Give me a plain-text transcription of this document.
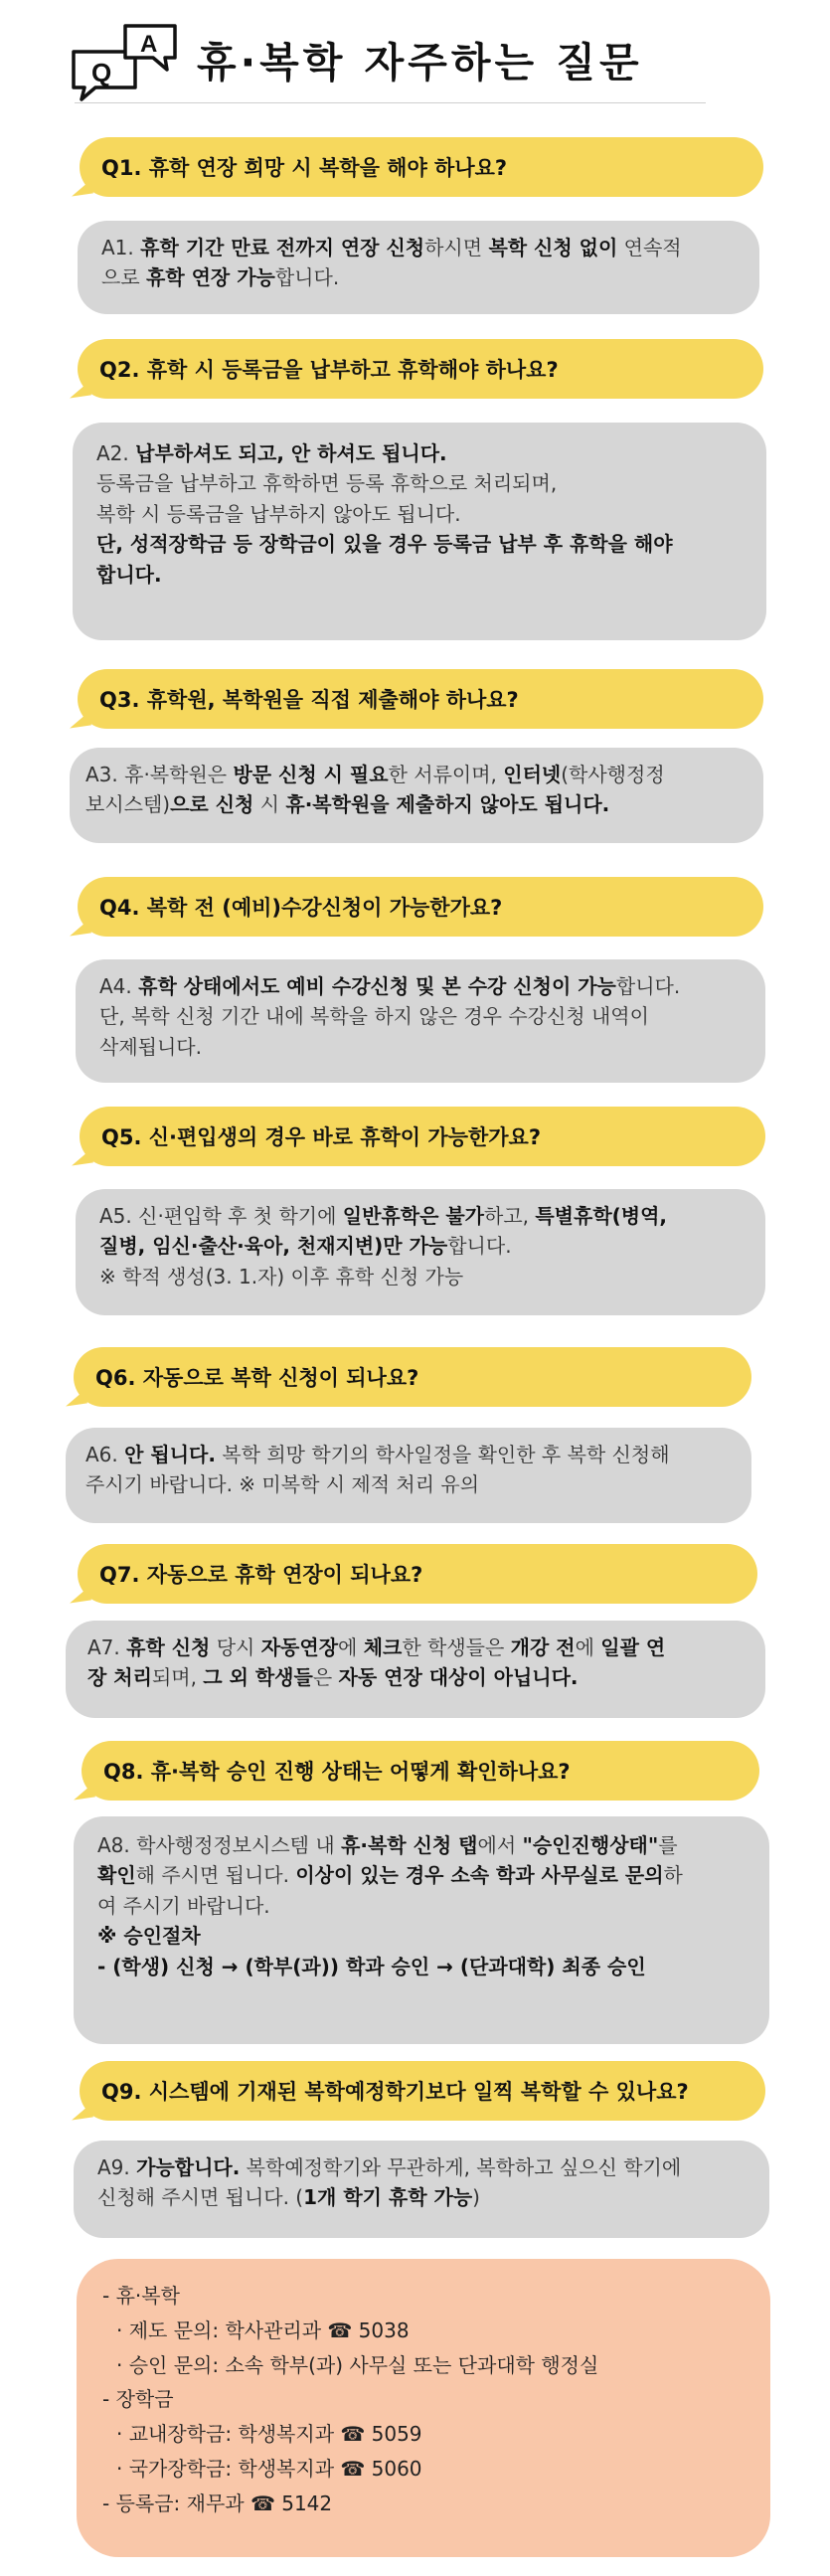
Q
A 휴·복학 자주하는 질문
Q1. 휴학 연장 희망 시 복학을 해야 하나요?
A1. 휴학 기간 만료 전까지 연장 신청하시면 복학 신청 없이 연속적
으로 휴학 연장 가능합니다.
Q2. 휴학 시 등록금을 납부하고 휴학해야 하나요?
A2. 납부하셔도 되고, 안 하셔도 됩니다.
등록금을 납부하고 휴학하면 등록 휴학으로 처리되며,
복학 시 등록금을 납부하지 않아도 됩니다.
단, 성적장학금 등 장학금이 있을 경우 등록금 납부 후 휴학을 해야
합니다.
Q3. 휴학원, 복학원을 직접 제출해야 하나요?
A3. 휴·복학원은 방문 신청 시 필요한 서류이며, 인터넷(학사행정정
보시스템)으로 신청 시 휴·복학원을 제출하지 않아도 됩니다.
Q4. 복학 전 (예비)수강신청이 가능한가요?
A4. 휴학 상태에서도 예비 수강신청 및 본 수강 신청이 가능합니다.
단, 복학 신청 기간 내에 복학을 하지 않은 경우 수강신청 내역이
삭제됩니다.
Q5. 신·편입생의 경우 바로 휴학이 가능한가요?
A5. 신·편입학 후 첫 학기에 일반휴학은 불가하고, 특별휴학(병역,
질병, 임신·출산·육아, 천재지변)만 가능합니다.
※ 학적 생성(3. 1.자) 이후 휴학 신청 가능
Q6. 자동으로 복학 신청이 되나요?
A6. 안 됩니다. 복학 희망 학기의 학사일정을 확인한 후 복학 신청해
주시기 바랍니다. ※ 미복학 시 제적 처리 유의
Q7. 자동으로 휴학 연장이 되나요?
A7. 휴학 신청 당시 자동연장에 체크한 학생들은 개강 전에 일괄 연
장 처리되며, 그 외 학생들은 자동 연장 대상이 아닙니다.
Q8. 휴·복학 승인 진행 상태는 어떻게 확인하나요?
A8. 학사행정정보시스템 내 휴·복학 신청 탭에서 "승인진행상태"를
확인해 주시면 됩니다. 이상이 있는 경우 소속 학과 사무실로 문의하
여 주시기 바랍니다.
※ 승인절차
- (학생) 신청 → (학부(과)) 학과 승인 → (단과대학) 최종 승인
Q9. 시스템에 기재된 복학예정학기보다 일찍 복학할 수 있나요?
A9. 가능합니다. 복학예정학기와 무관하게, 복학하고 싶으신 학기에
신청해 주시면 됩니다. (1개 학기 휴학 가능)
- 휴·복학
· 제도 문의: 학사관리과 ☎ 5038
· 승인 문의: 소속 학부(과) 사무실 또는 단과대학 행정실
- 장학금
· 교내장학금: 학생복지과 ☎ 5059
· 국가장학금: 학생복지과 ☎ 5060
- 등록금: 재무과 ☎ 5142
